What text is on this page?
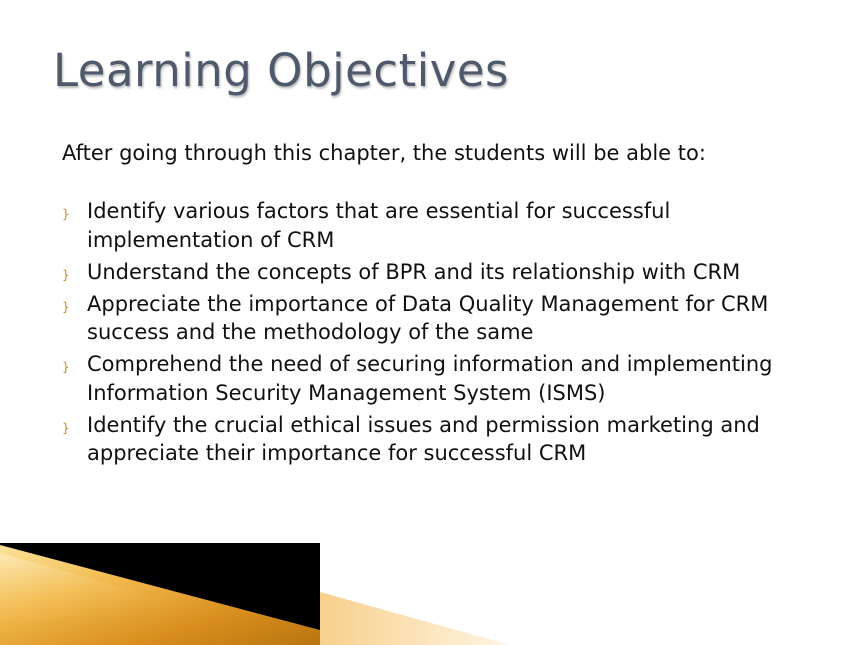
Learning Objectives
After going through this chapter, the students will be able to:
} Identify various factors that are essential for successful implementation of CRM
} Understand the concepts of BPR and its relationship with CRM
} Appreciate the importance of Data Quality Management for CRM success and the methodology of the same
} Comprehend the need of securing information and implementing Information Security Management System (ISMS)
} Identify the crucial ethical issues and permission marketing and appreciate their importance for successful CRM
